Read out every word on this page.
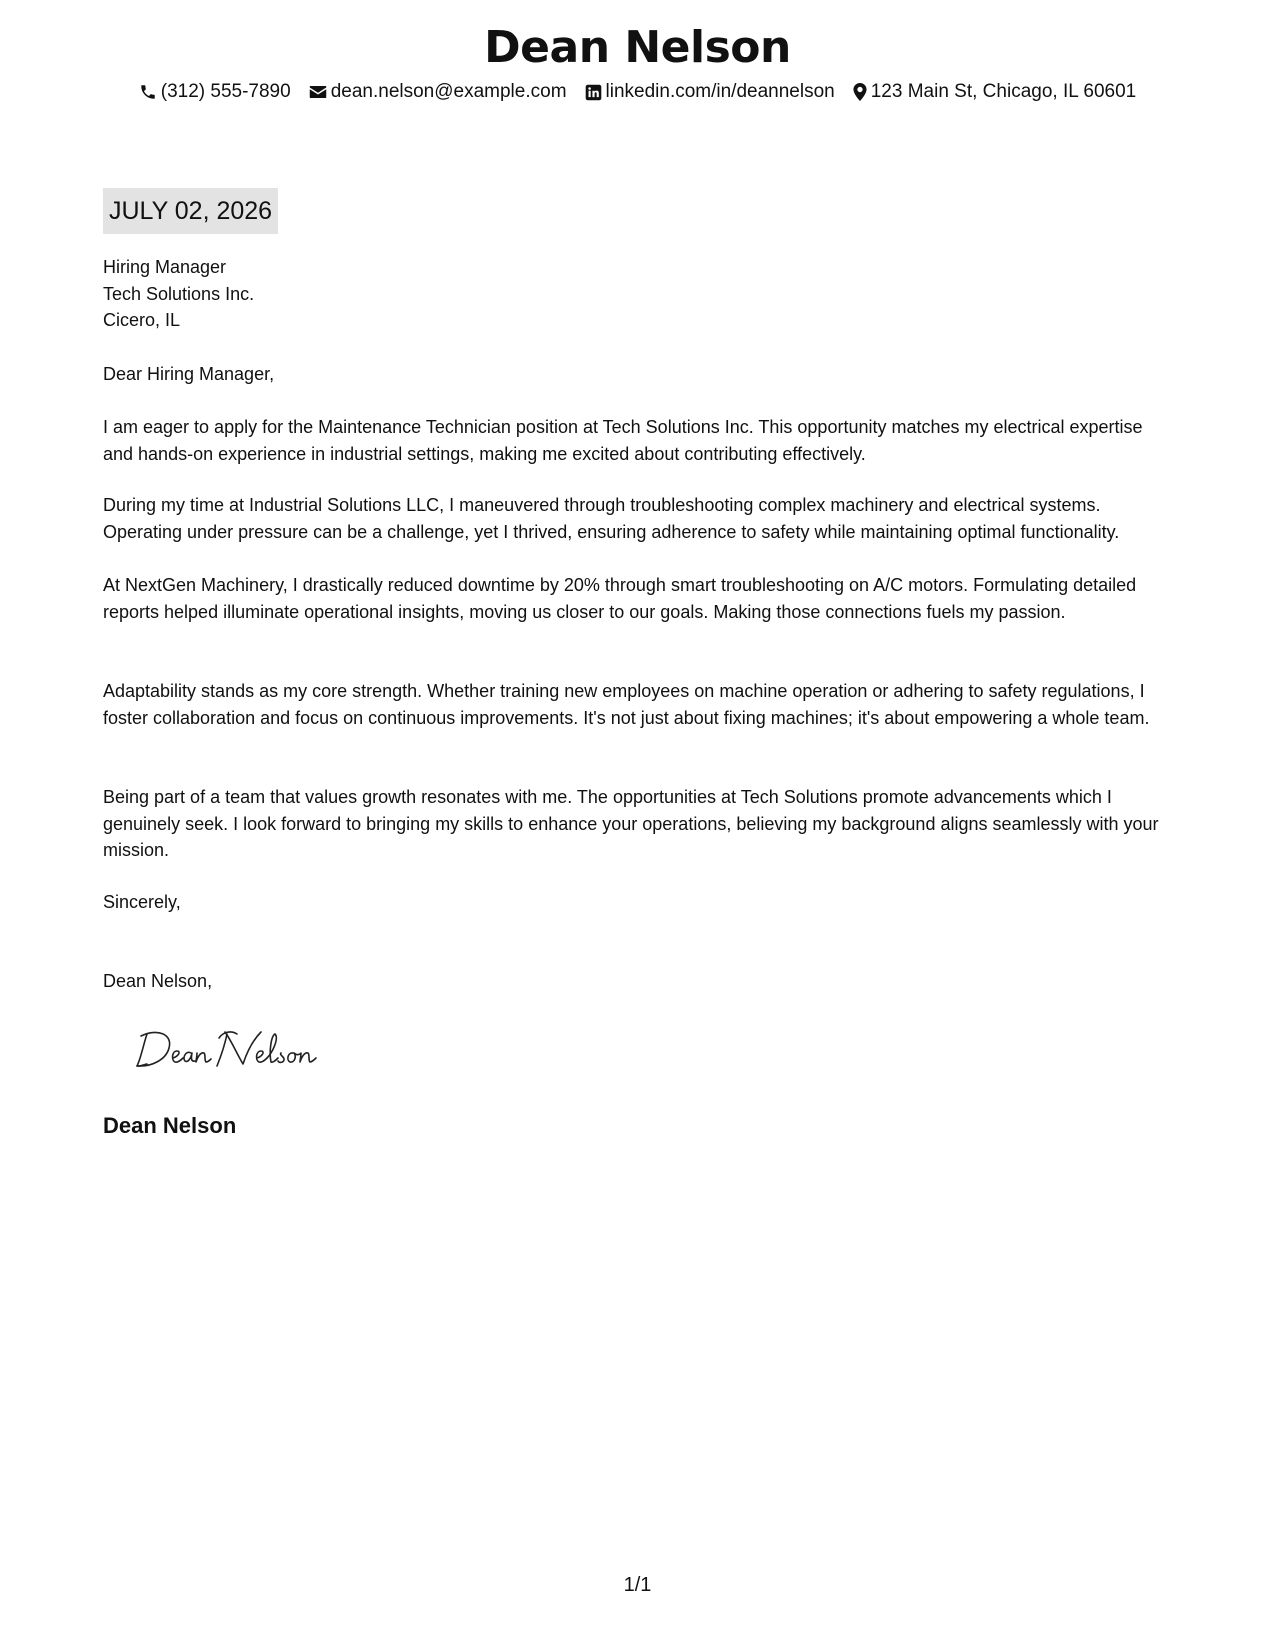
Dean Nelson
(312) 555-7890 dean.nelson@example.com linkedin.com/in/deannelson 123 Main St, Chicago, IL 60601
JULY 02, 2026
Hiring Manager
Tech Solutions Inc.
Cicero, IL

Dear Hiring Manager,

I am eager to apply for the Maintenance Technician position at Tech Solutions Inc. This opportunity matches my electrical expertise and hands-on experience in industrial settings, making me excited about contributing effectively.

During my time at Industrial Solutions LLC, I maneuvered through troubleshooting complex machinery and electrical systems. Operating under pressure can be a challenge, yet I thrived, ensuring adherence to safety while maintaining optimal functionality.

At NextGen Machinery, I drastically reduced downtime by 20% through smart troubleshooting on A/C motors. Formulating detailed reports helped illuminate operational insights, moving us closer to our goals. Making those connections fuels my passion.

Adaptability stands as my core strength. Whether training new employees on machine operation or adhering to safety regulations, I foster collaboration and focus on continuous improvements. It's not just about fixing machines; it's about empowering a whole team.

Being part of a team that values growth resonates with me. The opportunities at Tech Solutions promote advancements which I genuinely seek. I look forward to bringing my skills to enhance your operations, believing my background aligns seamlessly with your mission.

Sincerely,

Dean Nelson,

Dean Nelson
1/1
